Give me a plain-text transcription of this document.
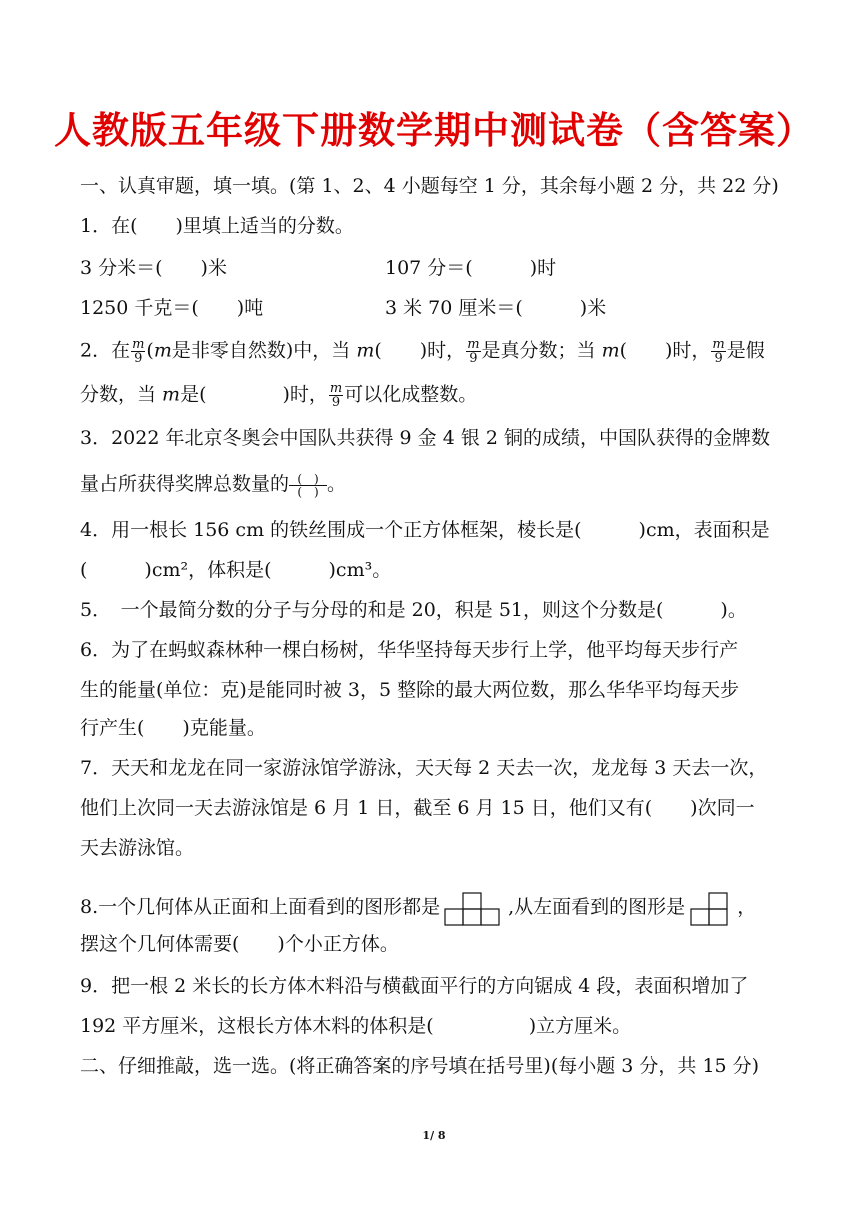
人教版五年级下册数学期中测试卷（含答案）
一、认真审题，填一填。(第 1、2、4 小题每空 1 分，其余每小题 2 分，共 22 分)
1．在(　　)里填上适当的分数。
3 分米＝(　　)米	107 分＝(　　　)时
1250 千克＝(　　)吨	3 米 70 厘米＝(　　　)米
2．在 $\frac{m}{9} (m$是非零自然数)中，当 m(　　)时， $\frac{m}{9}$ 是真分数；当 m(　　)时， $\frac{m}{9}$ 是假
分数，当 m是(　　　　)时， $\frac{m}{9}$ 可以化成整数。
3．2022 年北京冬奥会中国队共获得 9 金 4 银 2 铜的成绩，中国队获得的金牌数
量占所获得奖牌总数量的 $\frac{( )}{( )}$ 。
4．用一根长 156 cm 的铁丝围成一个正方体框架，棱长是(　　　)cm，表面积是
(　　　)cm²，体积是(　　　)cm³。
5．　一个最简分数的分子与分母的和是 20，积是 51，则这个分数是(　　　)。
6．为了在蚂蚁森林种一棵白杨树，华华坚持每天步行上学，他平均每天步行产
生的能量(单位：克)是能同时被 3，5 整除的最大两位数，那么华华平均每天步
行产生(　　)克能量。
7．天天和龙龙在同一家游泳馆学游泳，天天每 2 天去一次，龙龙每 3 天去一次，
他们上次同一天去游泳馆是 6 月 1 日，截至 6 月 15 日，他们又有(　　)次同一
天去游泳馆。
8.一个几何体从正面和上面看到的图形都是	,从左面看到的图形是	，
摆这个几何体需要(　　)个小正方体。
9．把一根 2 米长的长方体木料沿与横截面平行的方向锯成 4 段，表面积增加了
192 平方厘米，这根长方体木料的体积是(　　　　　)立方厘米。
二、仔细推敲，选一选。(将正确答案的序号填在括号里)(每小题 3 分，共 15 分)
1/ 8
